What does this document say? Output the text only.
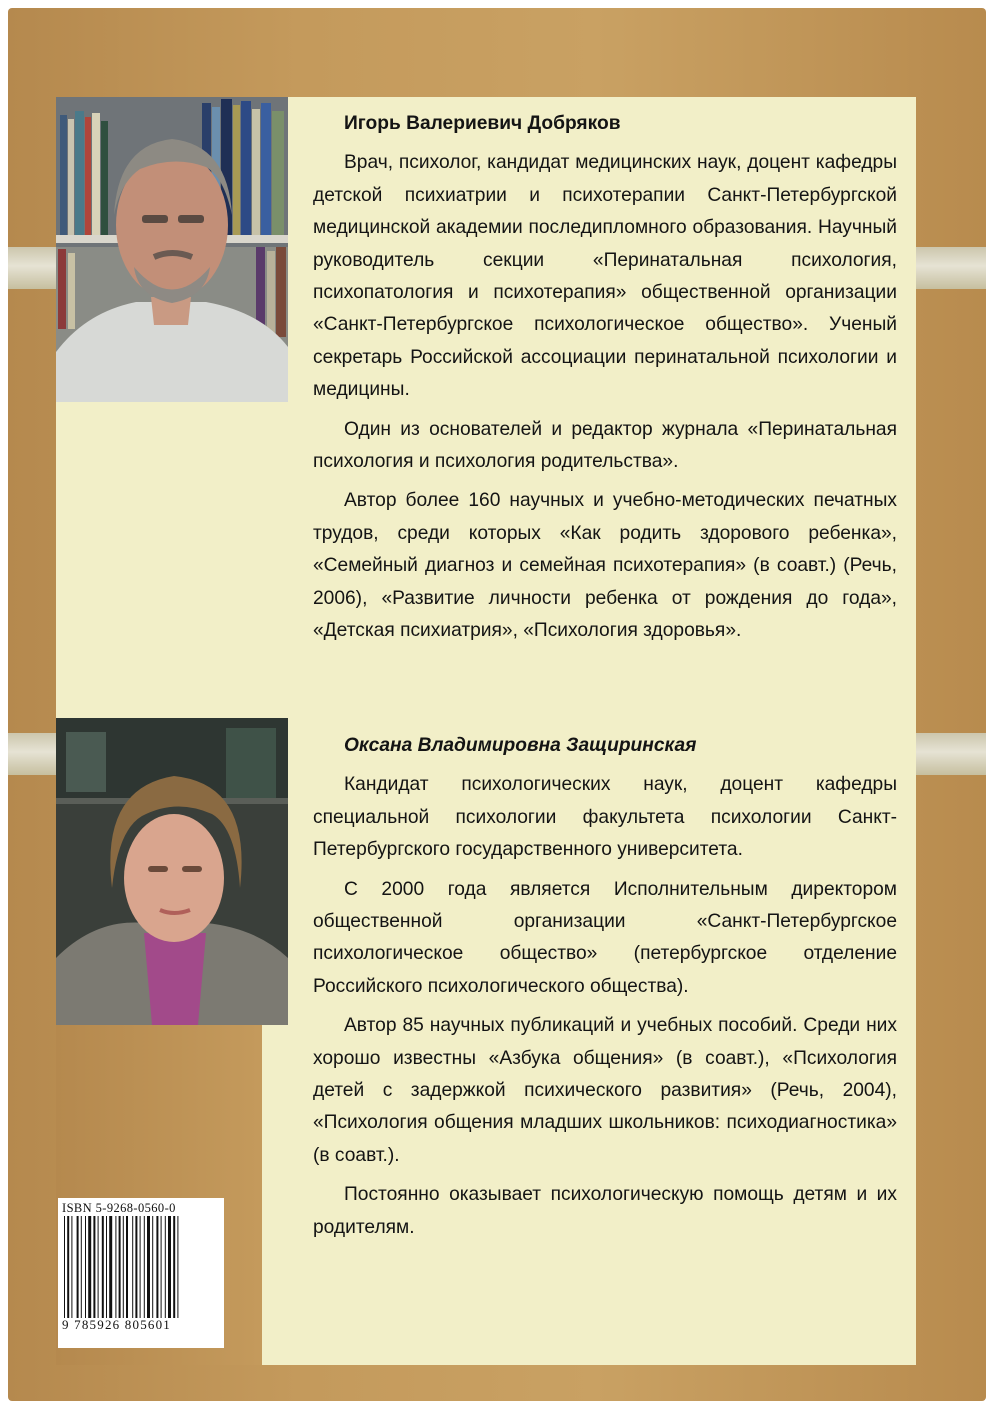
Игорь Валериевич Добряков

Врач, психолог, кандидат медицинских наук, доцент кафедры детской психиатрии и психотерапии Санкт-Петербургской медицинской академии последипломного образования. Научный руководитель секции «Перинатальная психология, психопатология и психотерапия» общественной организации «Санкт-Петербургское психологическое общество». Ученый секретарь Российской ассоциации перинатальной психологии и медицины.

Один из основателей и редактор журнала «Перинатальная психология и психология родительства».

Автор более 160 научных и учебно-методических печатных трудов, среди которых «Как родить здорового ребенка», «Семейный диагноз и семейная психотерапия» (в соавт.) (Речь, 2006), «Развитие личности ребенка от рождения до года», «Детская психиатрия», «Психология здоровья».

Оксана Владимировна Защиринская

Кандидат психологических наук, доцент кафедры специальной психологии факультета психологии Санкт-Петербургского государственного университета.

С 2000 года является Исполнительным директором общественной организации «Санкт-Петербургское психологическое общество» (петербургское отделение Российского психологического общества).

Автор 85 научных публикаций и учебных пособий. Среди них хорошо известны «Азбука общения» (в соавт.), «Психология детей с задержкой психического развития» (Речь, 2004), «Психология общения младших школьников: психодиагностика» (в соавт.).

Постоянно оказывает психологическую помощь детям и их родителям.

ISBN 5-9268-0560-0
9 785926 805601
